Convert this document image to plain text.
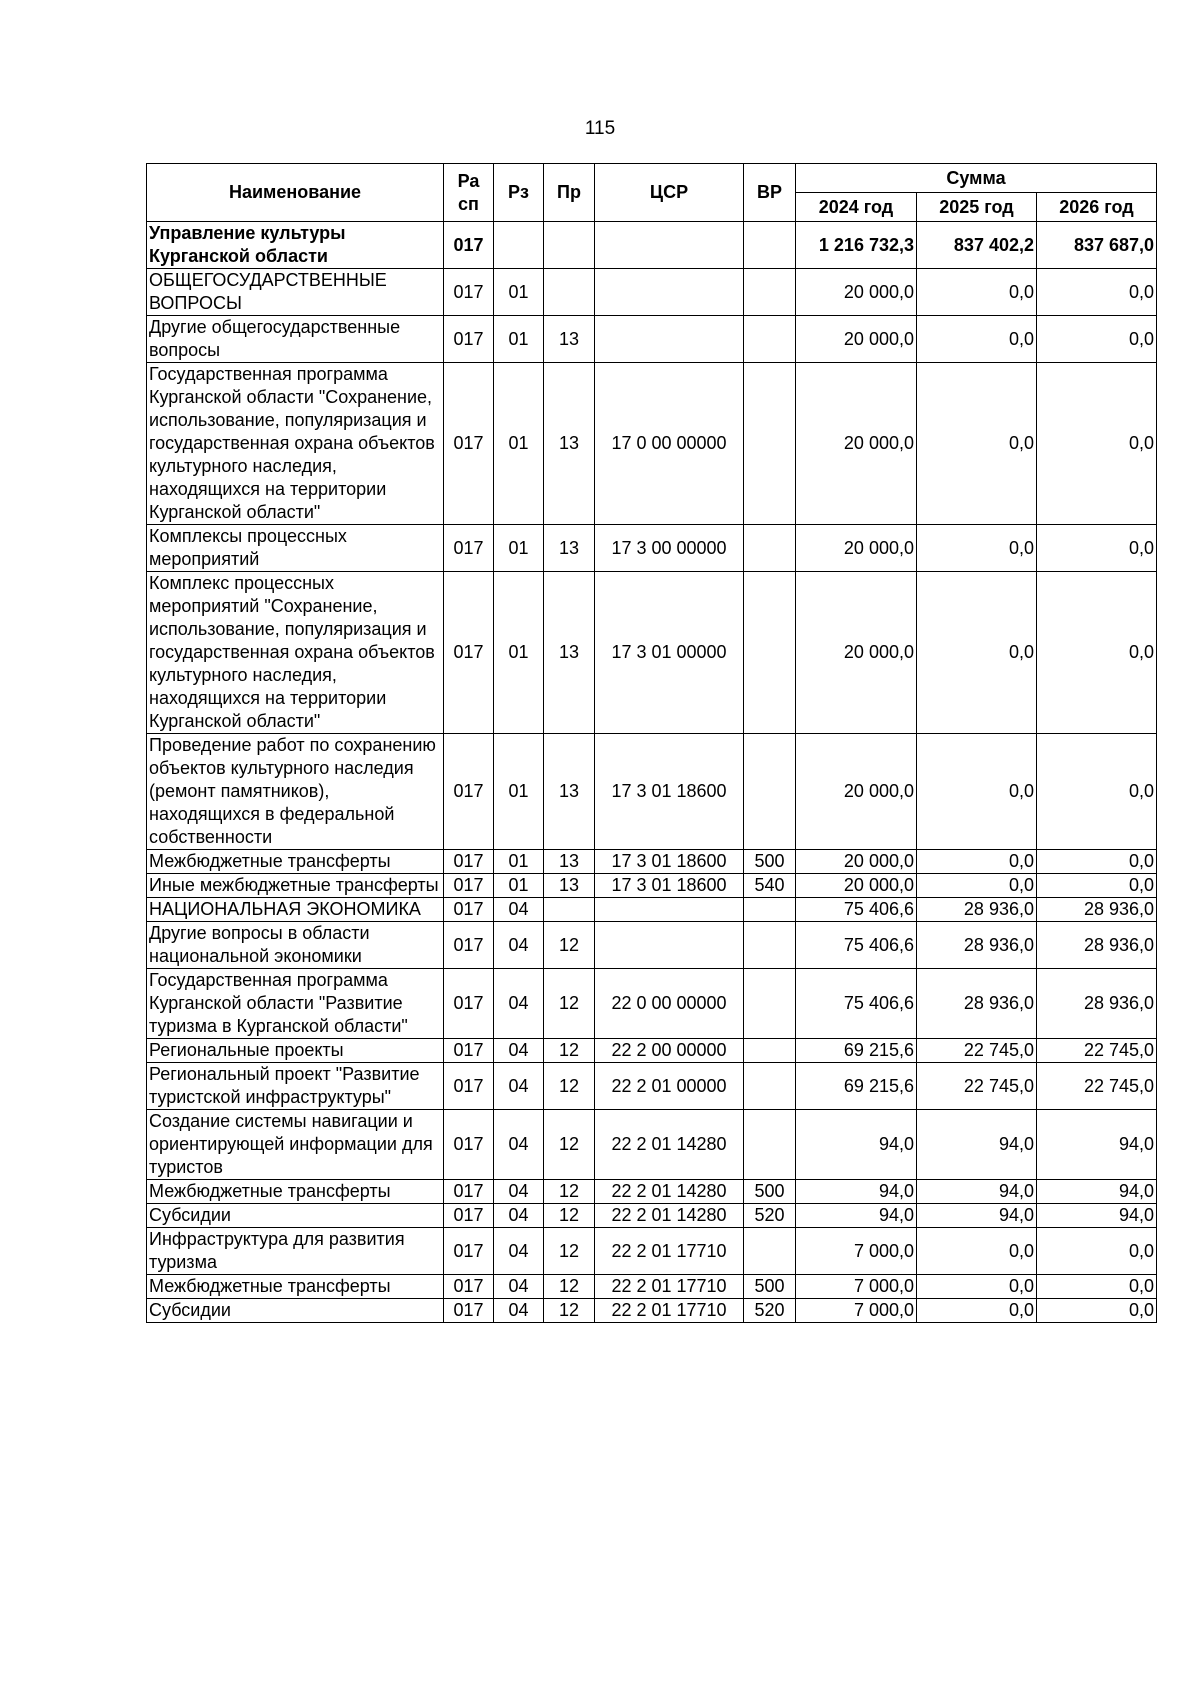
115
Наименование	Ра сп	Рз	Пр	ЦСР	ВР	Сумма		
						2024 год	2025 год	2026 год
Управление культуры Курганской области	017					1 216 732,3	837 402,2	837 687,0
ОБЩЕГОСУДАРСТВЕННЫЕ ВОПРОСЫ	017	01				20 000,0	0,0	0,0
Другие общегосударственные вопросы	017	01	13			20 000,0	0,0	0,0
Государственная программа Курганской области "Сохранение, использование, популяризация и государственная охрана объектов культурного наследия, находящихся на территории Курганской области"	017	01	13	17 0 00 00000		20 000,0	0,0	0,0
Комплексы процессных мероприятий	017	01	13	17 3 00 00000		20 000,0	0,0	0,0
Комплекс процессных мероприятий "Сохранение, использование, популяризация и государственная охрана объектов культурного наследия, находящихся на территории Курганской области"	017	01	13	17 3 01 00000		20 000,0	0,0	0,0
Проведение работ по сохранению объектов культурного наследия (ремонт памятников), находящихся в федеральной собственности	017	01	13	17 3 01 18600		20 000,0	0,0	0,0
Межбюджетные трансферты	017	01	13	17 3 01 18600	500	20 000,0	0,0	0,0
Иные межбюджетные трансферты	017	01	13	17 3 01 18600	540	20 000,0	0,0	0,0
НАЦИОНАЛЬНАЯ ЭКОНОМИКА	017	04				75 406,6	28 936,0	28 936,0
Другие вопросы в области национальной экономики	017	04	12			75 406,6	28 936,0	28 936,0
Государственная программа Курганской области "Развитие туризма в Курганской области"	017	04	12	22 0 00 00000		75 406,6	28 936,0	28 936,0
Региональные проекты	017	04	12	22 2 00 00000		69 215,6	22 745,0	22 745,0
Региональный проект "Развитие туристской инфраструктуры"	017	04	12	22 2 01 00000		69 215,6	22 745,0	22 745,0
Создание системы навигации и ориентирующей информации для туристов	017	04	12	22 2 01 14280		94,0	94,0	94,0
Межбюджетные трансферты	017	04	12	22 2 01 14280	500	94,0	94,0	94,0
Субсидии	017	04	12	22 2 01 14280	520	94,0	94,0	94,0
Инфраструктура для развития туризма	017	04	12	22 2 01 17710		7 000,0	0,0	0,0
Межбюджетные трансферты	017	04	12	22 2 01 17710	500	7 000,0	0,0	0,0
Субсидии	017	04	12	22 2 01 17710	520	7 000,0	0,0	0,0
